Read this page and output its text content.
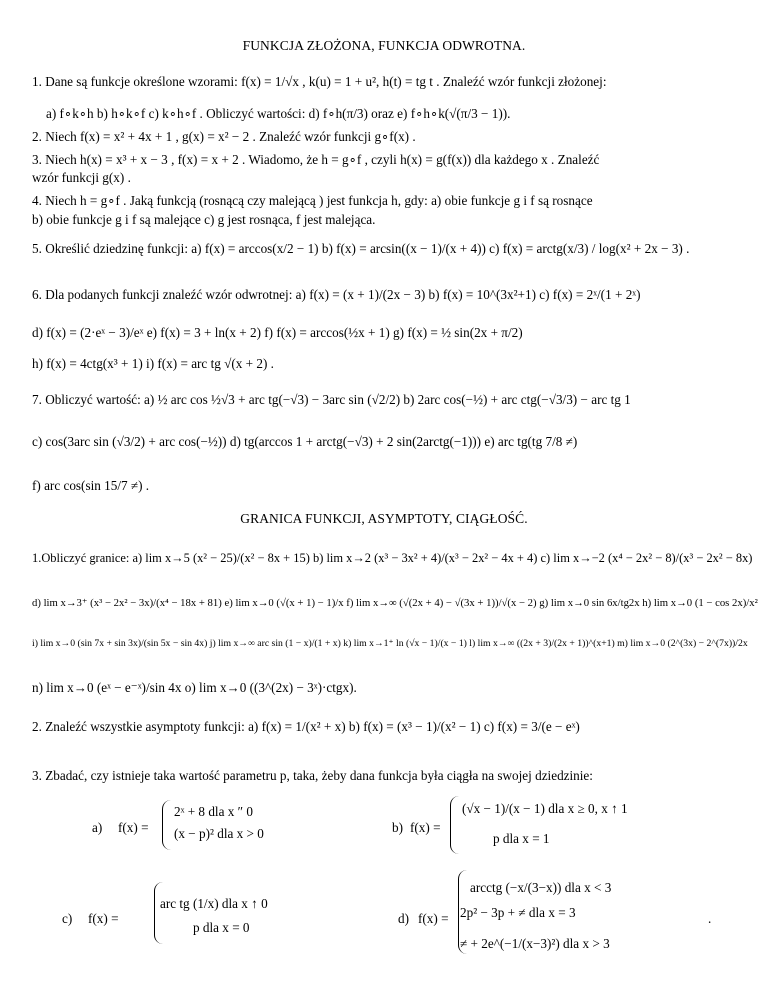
FUNKCJA ZŁOŻONA, FUNKCJA ODWROTNA.
1. Dane są funkcje określone wzorami: f(x) = 1/√x , k(u) = 1 + u², h(t) = tg t . Znaleźć wzór funkcji złożonej:
a) f∘k∘h b) h∘k∘f c) k∘h∘f . Obliczyć wartości: d) f∘h(π/3) oraz e) f∘h∘k(√(π/3 − 1)).
2. Niech f(x) = x² + 4x + 1 , g(x) = x² − 2 . Znaleźć wzór funkcji g∘f(x) .
3. Niech h(x) = x³ + x − 3 , f(x) = x + 2 . Wiadomo, że h = g∘f , czyli h(x) = g(f(x)) dla każdego x . Znaleźć
wzór funkcji g(x) .
4. Niech h = g∘f . Jaką funkcją (rosnącą czy malejącą ) jest funkcja h, gdy: a) obie funkcje g i f są rosnące
b) obie funkcje g i f są malejące c) g jest rosnąca, f jest malejąca.
5. Określić dziedzinę funkcji: a) f(x) = arccos(x/2 − 1) b) f(x) = arcsin((x − 1)/(x + 4)) c) f(x) = arctg(x/3) / log(x² + 2x − 3) .
6. Dla podanych funkcji znaleźć wzór odwrotnej: a) f(x) = (x + 1)/(2x − 3) b) f(x) = 10^(3x²+1) c) f(x) = 2ˣ/(1 + 2ˣ)
d) f(x) = (2·eˣ − 3)/eˣ e) f(x) = 3 + ln(x + 2) f) f(x) = arccos(½x + 1) g) f(x) = ½ sin(2x + π/2)
h) f(x) = 4ctg(x³ + 1) i) f(x) = arc tg √(x + 2) .
7. Obliczyć wartość: a) ½ arc cos ½√3 + arc tg(−√3) − 3arc sin (√2/2) b) 2arc cos(−½) + arc ctg(−√3/3) − arc tg 1
c) cos(3arc sin (√3/2) + arc cos(−½)) d) tg(arccos 1 + arctg(−√3) + 2 sin(2arctg(−1))) e) arc tg(tg 7/8 ≠)
f) arc cos(sin 15/7 ≠) .
GRANICA FUNKCJI, ASYMPTOTY, CIĄGŁOŚĆ.
1.Obliczyć granice: a) lim x→5 (x² − 25)/(x² − 8x + 15) b) lim x→2 (x³ − 3x² + 4)/(x³ − 2x² − 4x + 4) c) lim x→−2 (x⁴ − 2x² − 8)/(x³ − 2x² − 8x)
d) lim x→3⁺ (x³ − 2x² − 3x)/(x⁴ − 18x + 81) e) lim x→0 (√(x + 1) − 1)/x f) lim x→∞ (√(2x + 4) − √(3x + 1))/√(x − 2) g) lim x→0 sin 6x/tg2x h) lim x→0 (1 − cos 2x)/x²
i) lim x→0 (sin 7x + sin 3x)/(sin 5x − sin 4x) j) lim x→∞ arc sin (1 − x)/(1 + x) k) lim x→1⁺ ln (√x − 1)/(x − 1) l) lim x→∞ ((2x + 3)/(2x + 1))^(x+1) m) lim x→0 (2^(3x) − 2^(7x))/2x
n) lim x→0 (eˣ − e⁻ˣ)/sin 4x o) lim x→0 ((3^(2x) − 3ˣ)·ctgx).
2. Znaleźć wszystkie asymptoty funkcji: a) f(x) = 1/(x² + x) b) f(x) = (x³ − 1)/(x² − 1) c) f(x) = 3/(e − eˣ)
3. Zbadać, czy istnieje taka wartość parametru p, taka, żeby dana funkcja była ciągła na swojej dziedzinie:
a) f(x) =
2ˣ + 8 dla x ″ 0
(x − p)² dla x > 0	b) f(x) =
(√x − 1)/(x − 1) dla x ≥ 0, x ↑ 1
p dla x = 1
c) f(x) =
arc tg (1/x) dla x ↑ 0
p dla x = 0
d) f(x) =
arcctg (−x/(3−x)) dla x < 3
2p² − 3p + ≠ dla x = 3
≠ + 2e^(−1/(x−3)²) dla x > 3
.
